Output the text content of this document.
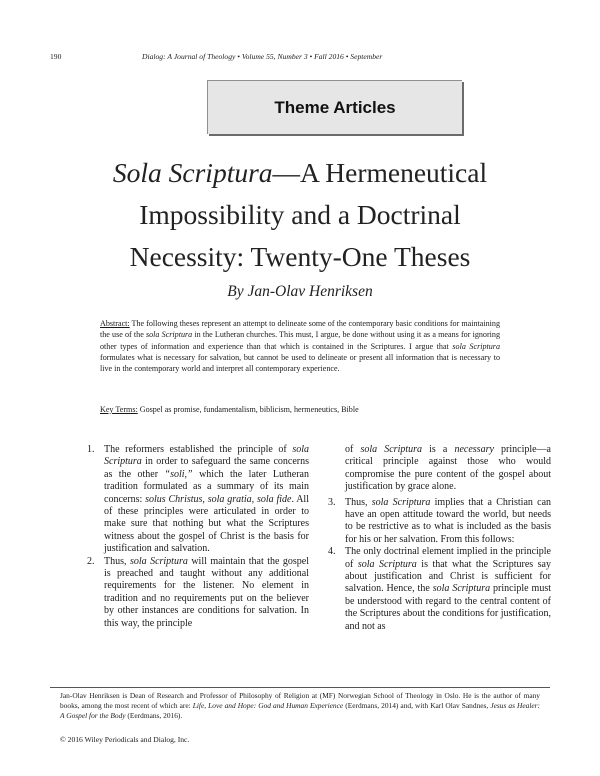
190	Dialog: A Journal of Theology • Volume 55, Number 3 • Fall 2016 • September
Theme Articles
Sola Scriptura—A Hermeneutical
Impossibility and a Doctrinal
Necessity: Twenty-One Theses
By Jan-Olav Henriksen
Abstract: The following theses represent an attempt to delineate some of the contemporary basic conditions for maintaining the use of the sola Scriptura in the Lutheran churches. This must, I argue, be done without using it as a means for ignoring other types of information and experience than that which is contained in the Scriptures. I argue that sola Scriptura formulates what is necessary for salvation, but cannot be used to delineate or present all information that is necessary to live in the contemporary world and interpret all contemporary experience.
Key Terms: Gospel as promise, fundamentalism, biblicism, hermeneutics, Bible

1. The reformers established the principle of sola Scriptura in order to safeguard the same concerns as the other “soli,” which the later Lutheran tradition formulated as a summary of its main concerns: solus Christus, sola gratia, sola fide. All of these principles were articulated in order to make sure that nothing but what the Scriptures witness about the gospel of Christ is the basis for justification and salvation.

2. Thus, sola Scriptura will maintain that the gospel is preached and taught without any additional requirements for the listener. No element in tradition and no requirements put on the believer by other instances are conditions for salvation. In this way, the principle

of sola Scriptura is a necessary principle—a critical principle against those who would compromise the pure content of the gospel about justification by grace alone.

3. Thus, sola Scriptura implies that a Christian can have an open attitude toward the world, but needs to be restrictive as to what is included as the basis for his or her salvation. From this follows:

4. The only doctrinal element implied in the principle of sola Scriptura is that what the Scriptures say about justification and Christ is sufficient for salvation. Hence, the sola Scriptura principle must be understood with regard to the central content of the Scriptures about the conditions for justification, and not as

Jan-Olav Henriksen is Dean of Research and Professor of Philosophy of Religion at (MF) Norwegian School of Theology in Oslo. He is the author of many books, among the most recent of which are: Life, Love and Hope: God and Human Experience (Eerdmans, 2014) and, with Karl Olav Sandnes, Jesus as Healer: A Gospel for the Body (Eerdmans, 2016).
© 2016 Wiley Periodicals and Dialog, Inc.
